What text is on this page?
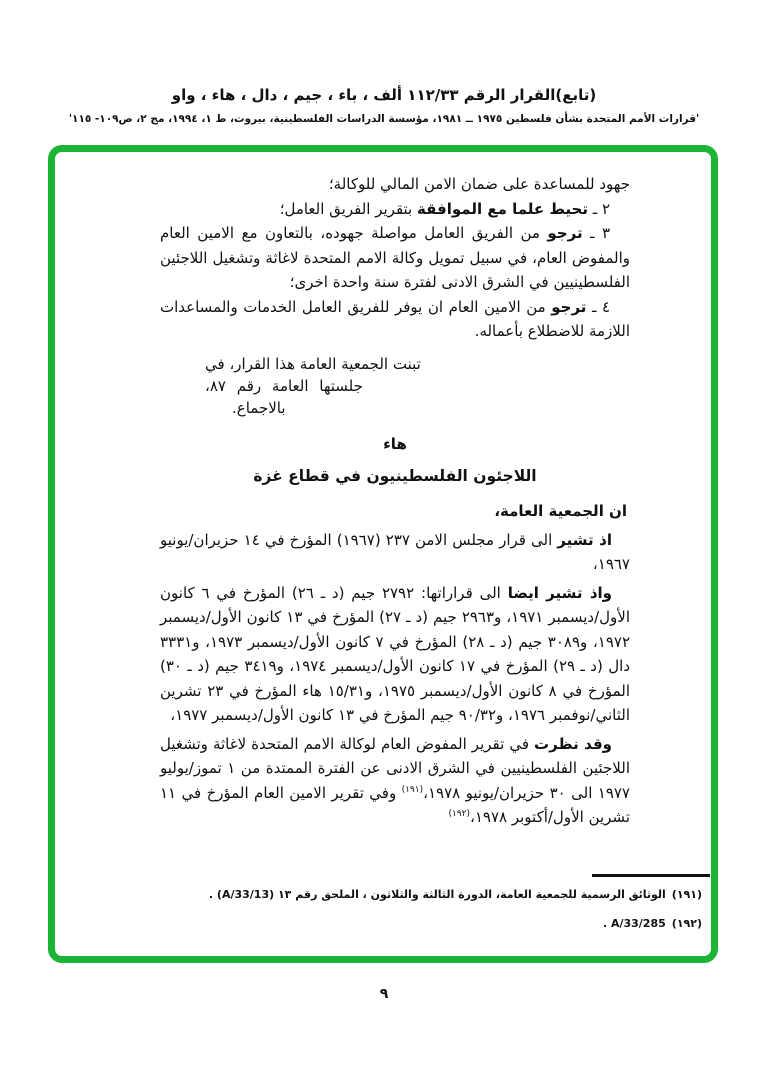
(تابع)القرار الرقم ١١٢/٣٣ ألف ، باء ، جيم ، دال ، هاء ، واو
'قرارات الأمم المتحدة بشأن فلسطين ١٩٧٥ ــ ١٩٨١، مؤسسة الدراسات الفلسطينية، بيروت، ط ١، ١٩٩٤، مج ٢، ص١٠٩- ١١٥'

جهود للمساعدة على ضمان الامن المالي للوكالة؛

٢ ـ تحيط علما مع الموافقة بتقرير الفريق العامل؛

٣ ـ ترجو من الفريق العامل مواصلة جهوده، بالتعاون مع الامين العام والمفوض العام، في سبيل تمويل وكالة الامم المتحدة لاغاثة وتشغيل اللاجئين الفلسطينيين في الشرق الادنى لفترة سنة واحدة اخرى؛

٤ ـ ترجو من الامين العام ان يوفر للفريق العامل الخدمات والمساعدات اللازمة للاضطلاع بأعماله.

تبنت الجمعية العامة هذا القرار، في
جلستها العامة رقم ٨٧،
بالاجماع.

هاء

اللاجئون الفلسطينيون في قطاع غزة

ان الجمعية العامة،

اذ تشير الى قرار مجلس الامن ٢٣٧ (١٩٦٧) المؤرخ في ١٤ حزيران/يونيو ١٩٦٧،

واذ تشير ايضا الى قراراتها: ٢٧٩٢ جيم (د ـ ٢٦) المؤرخ في ٦ كانون الأول/ديسمبر ١٩٧١، و٢٩٦٣ جيم (د ـ ٢٧) المؤرخ في ١٣ كانون الأول/ديسمبر ١٩٧٢، و٣٠٨٩ جيم (د ـ ٢٨) المؤرخ في ٧ كانون الأول/ديسمبر ١٩٧٣، و٣٣٣١ دال (د ـ ٢٩) المؤرخ في ١٧ كانون الأول/ديسمبر ١٩٧٤، و٣٤١٩ جيم (د ـ ٣٠) المؤرخ في ٨ كانون الأول/ديسمبر ١٩٧٥، و١٥/٣١ هاء المؤرخ في ٢٣ تشرين الثاني/نوفمبر ١٩٧٦، و٩٠/٣٢ جيم المؤرخ في ١٣ كانون الأول/ديسمبر ١٩٧٧،

وقد نظرت في تقرير المفوض العام لوكالة الامم المتحدة لاغاثة وتشغيل اللاجئين الفلسطينيين في الشرق الادنى عن الفترة الممتدة من ١ تموز/يوليو ١٩٧٧ الى ٣٠ حزيران/يونيو ١٩٧٨،$^{(١٩١)}$ وفي تقرير الامين العام المؤرخ في ١١ تشرين الأول/أكتوبر ١٩٧٨،$^{(١٩٢)}$

(١٩١)الوثائق الرسمية للجمعية العامة، الدورة الثالثة والثلاثون ، الملحق رقم ١٣ (A/33/13) .
(١٩٢)A/33/285 .
٩
